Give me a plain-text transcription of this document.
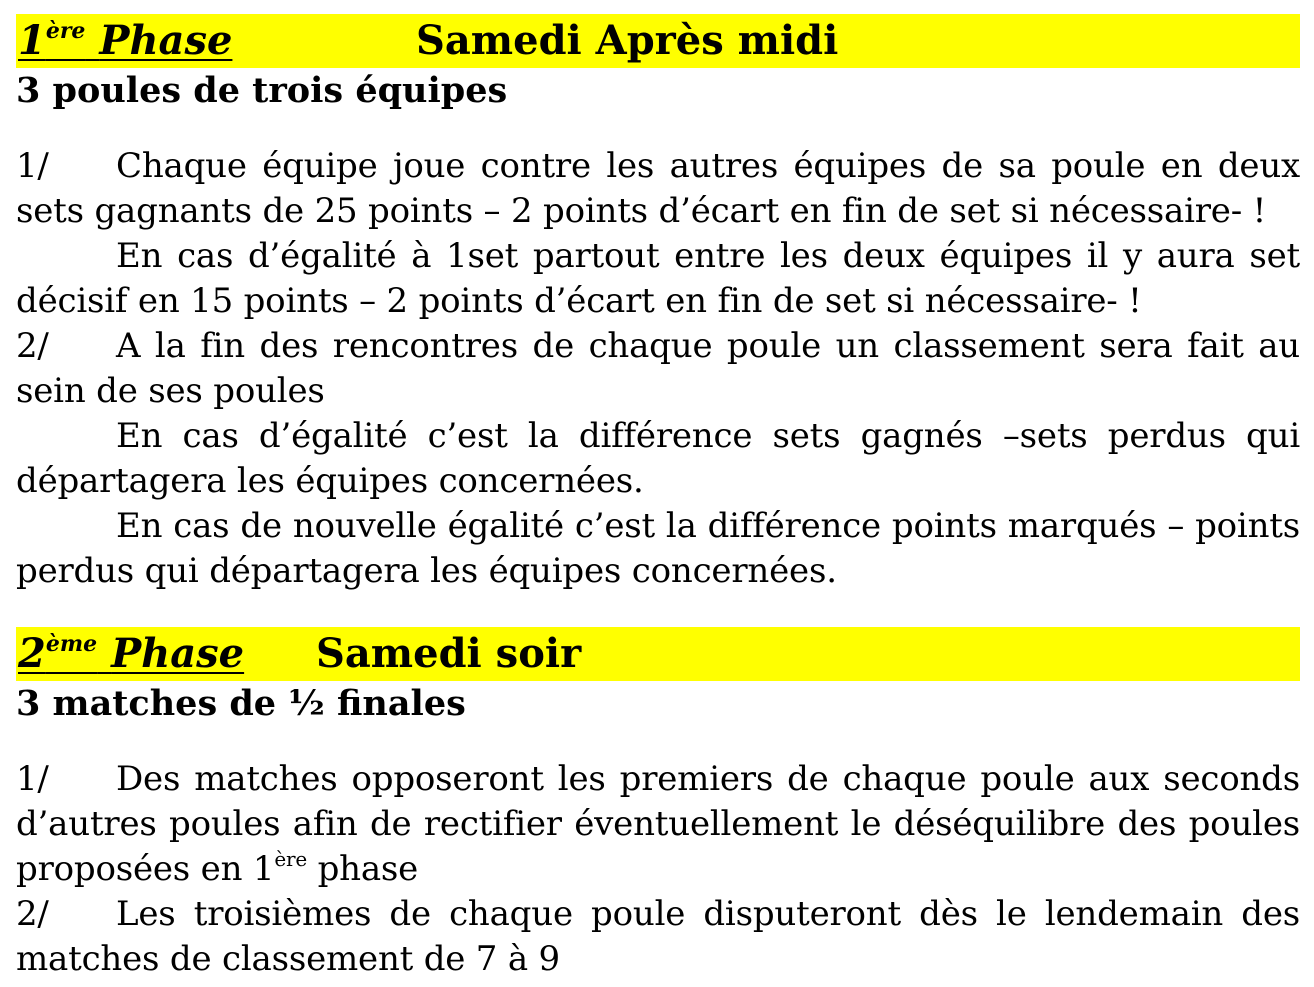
1ère Phase	Samedi Après midi
3 poules de trois équipes

1/ Chaque équipe joue contre les autres équipes de sa poule en deux sets gagnants de 25 points – 2 points d’écart en fin de set si nécessaire- !

En cas d’égalité à 1set partout entre les deux équipes il y aura set décisif en 15 points – 2 points d’écart en fin de set si nécessaire- !

2/ A la fin des rencontres de chaque poule un classement sera fait au sein de ses poules

En cas d’égalité c’est la différence sets gagnés –sets perdus qui départagera les équipes concernées.

En cas de nouvelle égalité c’est la différence points marqués – points perdus qui départagera les équipes concernées.

2ème Phase Samedi soir
3 matches de ½ finales

1/ Des matches opposeront les premiers de chaque poule aux seconds d’autres poules afin de rectifier éventuellement le déséquilibre des poules proposées en 1ère phase

2/ Les troisièmes de chaque poule disputeront dès le lendemain des matches de classement de 7 à 9
